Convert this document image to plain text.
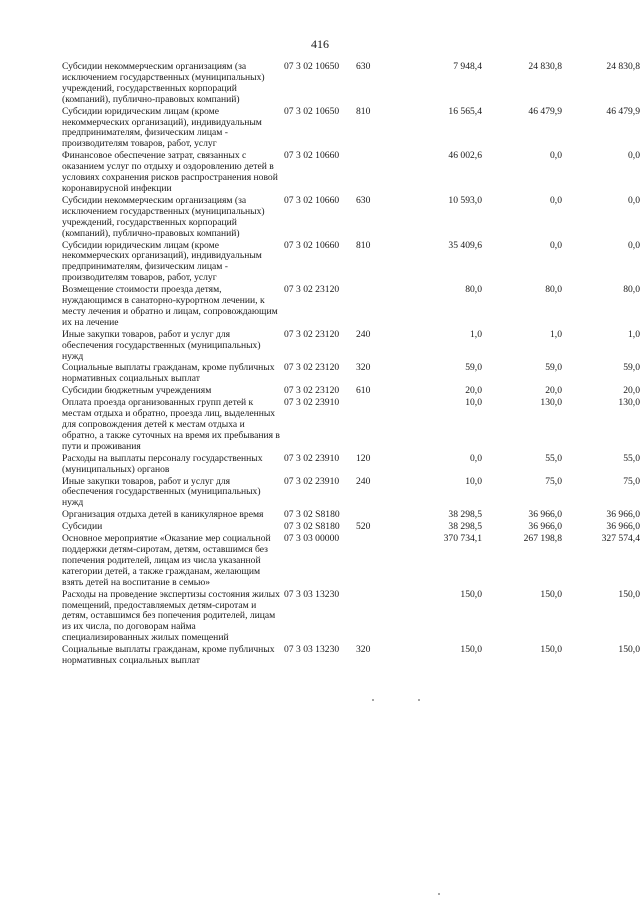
416
Субсидии некоммерческим организациям (за исключением государственных (муниципальных) учреждений, государственных корпораций (компаний), публично-правовых компаний)	07 3 02 10650	630	7 948,4	24 830,8	24 830,8
Субсидии юридическим лицам (кроме некоммерческих организаций), индивидуальным предпринимателям, физическим лицам - производителям товаров, работ, услуг	07 3 02 10650	810	16 565,4	46 479,9	46 479,9
Финансовое обеспечение затрат, связанных с оказанием услуг по отдыху и оздоровлению детей в условиях сохранения рисков распространения новой коронавирусной инфекции	07 3 02 10660		46 002,6	0,0	0,0
Субсидии некоммерческим организациям (за исключением государственных (муниципальных) учреждений, государственных корпораций (компаний), публично-правовых компаний)	07 3 02 10660	630	10 593,0	0,0	0,0
Субсидии юридическим лицам (кроме некоммерческих организаций), индивидуальным предпринимателям, физическим лицам - производителям товаров, работ, услуг	07 3 02 10660	810	35 409,6	0,0	0,0
Возмещение стоимости проезда детям, нуждающимся в санаторно-курортном лечении, к месту лечения и обратно и лицам, сопровождающим их на лечение	07 3 02 23120		80,0	80,0	80,0
Иные закупки товаров, работ и услуг для обеспечения государственных (муниципальных) нужд	07 3 02 23120	240	1,0	1,0	1,0
Социальные выплаты гражданам, кроме публичных нормативных социальных выплат	07 3 02 23120	320	59,0	59,0	59,0
Субсидии бюджетным учреждениям	07 3 02 23120	610	20,0	20,0	20,0
Оплата проезда организованных групп детей к местам отдыха и обратно, проезда лиц, выделенных для сопровождения детей к местам отдыха и обратно, а также суточных на время их пребывания в пути и проживания	07 3 02 23910		10,0	130,0	130,0
Расходы на выплаты персоналу государственных (муниципальных) органов	07 3 02 23910	120	0,0	55,0	55,0
Иные закупки товаров, работ и услуг для обеспечения государственных (муниципальных) нужд	07 3 02 23910	240	10,0	75,0	75,0
Организация отдыха детей в каникулярное время	07 3 02 S8180		38 298,5	36 966,0	36 966,0
Субсидии	07 3 02 S8180	520	38 298,5	36 966,0	36 966,0
Основное мероприятие «Оказание мер социальной поддержки детям-сиротам, детям, оставшимся без попечения родителей, лицам из числа указанной категории детей, а также гражданам, желающим взять детей на воспитание в семью»	07 3 03 00000		370 734,1	267 198,8	327 574,4
Расходы на проведение экспертизы состояния жилых помещений, предоставляемых детям-сиротам и детям, оставшимся без попечения родителей, лицам из их числа, по договорам найма специализированных жилых помещений	07 3 03 13230		150,0	150,0	150,0
Социальные выплаты гражданам, кроме публичных нормативных социальных выплат	07 3 03 13230	320	150,0	150,0	150,0
